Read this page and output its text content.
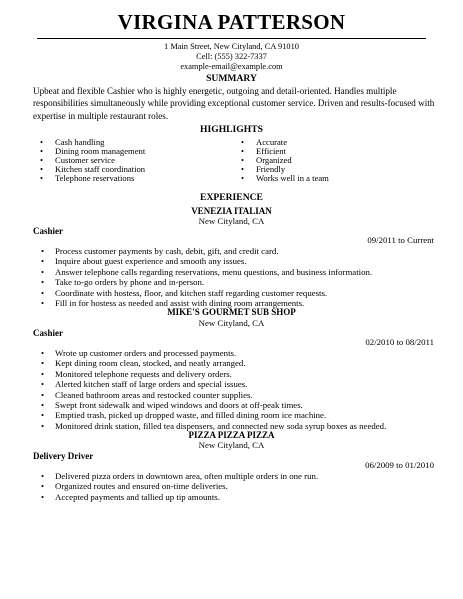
VIRGINA PATTERSON
1 Main Street, New Cityland, CA 91010
Cell: (555) 322-7337
example-email@example.com
SUMMARY
Upbeat and flexible Cashier who is highly energetic, outgoing and detail-oriented. Handles multiple responsibilities simultaneously while providing exceptional customer service. Driven and results-focused with expertise in multiple restaurant roles.
HIGHLIGHTS
• Cash handling
• Dining room management
• Customer service
• Kitchen staff coordination
• Telephone reservations
• Accurate
• Efficient
• Organized
• Friendly
• Works well in a team
EXPERIENCE
VENEZIA ITALIAN
New Cityland, CA
Cashier
09/2011 to Current
• Process customer payments by cash, debit, gift, and credit card.
• Inquire about guest experience and smooth any issues.
• Answer telephone calls regarding reservations, menu questions, and business information.
• Take to-go orders by phone and in-person.
• Coordinate with hostess, floor, and kitchen staff regarding customer requests.
• Fill in for hostess as needed and assist with dining room arrangements.
MIKE'S GOURMET SUB SHOP
New Cityland, CA
Cashier
02/2010 to 08/2011
• Wrote up customer orders and processed payments.
• Kept dining room clean, stocked, and neatly arranged.
• Monitored telephone requests and delivery orders.
• Alerted kitchen staff of large orders and special issues.
• Cleaned bathroom areas and restocked counter supplies.
• Swept front sidewalk and wiped windows and doors at off-peak times.
• Emptied trash, picked up dropped waste, and filled dining room ice machine.
• Monitored drink station, filled tea dispensers, and connected new soda syrup boxes as needed.
PIZZA PIZZA PIZZA
New Cityland, CA
Delivery Driver
06/2009 to 01/2010
• Delivered pizza orders in downtown area, often multiple orders in one run.
• Organized routes and ensured on-time deliveries.
• Accepted payments and tallied up tip amounts.
